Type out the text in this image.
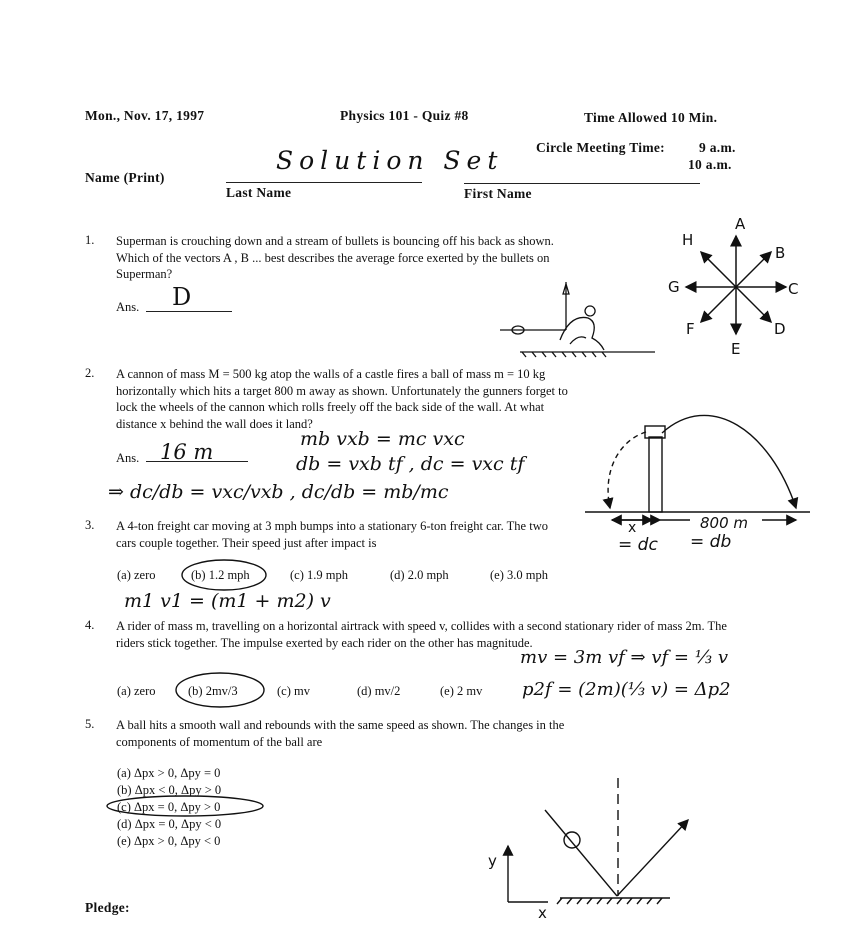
Mon., Nov. 17, 1997	Physics 101 - Quiz #8	Time Allowed 10 Min.
Circle Meeting Time:	9 a.m.
10 a.m.
Name (Print)
Solution Set
Last Name	First Name
1. Superman is crouching down and a stream of bullets is bouncing off his back as shown. Which of the vectors A , B ... best describes the average force exerted by the bullets on Superman?
Ans. D
2. A cannon of mass M = 500 kg atop the walls of a castle fires a ball of mass m = 10 kg horizontally which hits a target 800 m away as shown. Unfortunately the gunners forget to lock the wheels of the cannon which rolls freely off the back side of the wall. At what distance x behind the wall does it land?
Ans. 16 m
mb vxb = mc vxc
db = vxb tf , dc = vxc tf
⇒ dc/db = vxc/vxb , dc/db = mb/mc
3. A 4-ton freight car moving at 3 mph bumps into a stationary 6-ton freight car. The two cars couple together. Their speed just after impact is
(a) zero	(b) 1.2 mph	(c) 1.9 mph	(d) 2.0 mph	(e) 3.0 mph
m1 v1 = (m1 + m2) v
4. A rider of mass m, travelling on a horizontal airtrack with speed v, collides with a second stationary rider of mass 2m. The riders stick together. The impulse exerted by each rider on the other has magnitude.
mv = 3m vf ⇒ vf = ⅓ v
(a) zero	(b) 2mv/3	(c) mv	(d) mv/2	(e) 2 mv p2f = (2m)(⅓ v) = Δp2
5. A ball hits a smooth wall and rebounds with the same speed as shown. The changes in the components of momentum of the ball are
(a) Δpx > 0, Δpy = 0
(b) Δpx < 0, Δpy > 0
(c) Δpx = 0, Δpy > 0
(d) Δpx = 0, Δpy < 0
(e) Δpx > 0, Δpy < 0
Pledge:
A
B
C
D
E
F
G
H
x	800 m
= dc = db
y
x
